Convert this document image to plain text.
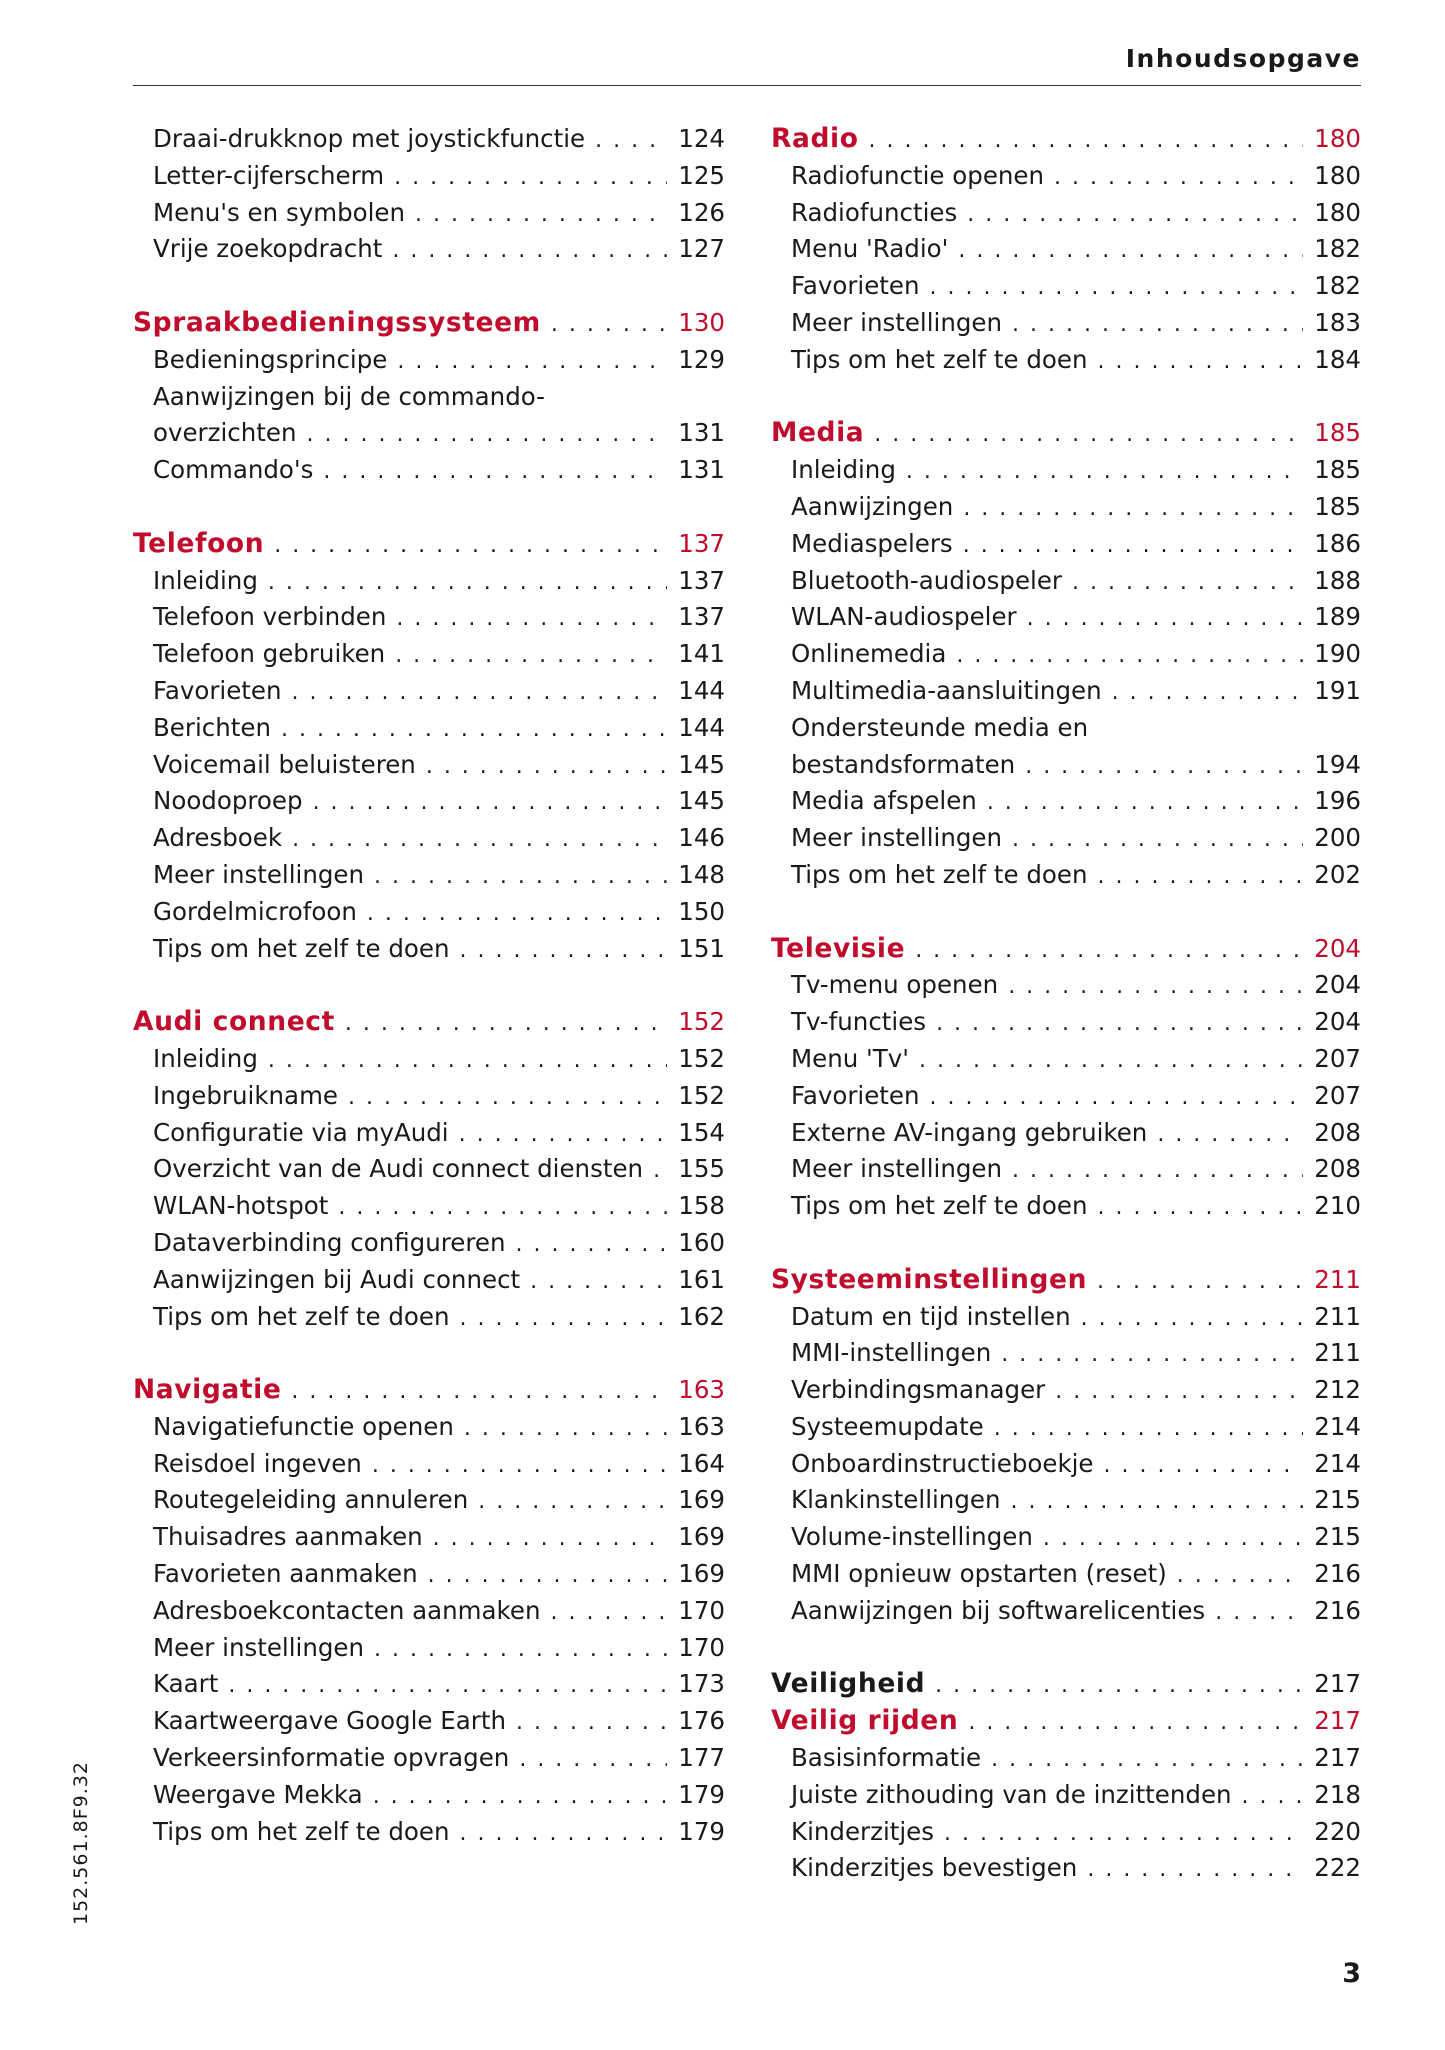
Inhoudsopgave
Draai-drukknop met joystickfunctie . . .	124
Letter-cijferscherm . . .	125
Menu's en symbolen . . .	126
Vrije zoekopdracht . . .	127
Spraakbedieningssysteem . . .	130
Bedieningsprincipe . . .	129
Aanwijzingen bij de commando-
overzichten . . .	131
Commando's . . .	131
Telefoon . . .	137
Inleiding . . .	137
Telefoon verbinden . . .	137
Telefoon gebruiken . . .	141
Favorieten . . .	144
Berichten . . .	144
Voicemail beluisteren . . .	145
Noodoproep . . .	145
Adresboek . . .	146
Meer instellingen . . .	148
Gordelmicrofoon . . .	150
Tips om het zelf te doen . . .	151
Audi connect . . .	152
Inleiding . . .	152
Ingebruikname . . .	152
Configuratie via myAudi . . .	154
Overzicht van de Audi connect diensten . . . 155
WLAN-hotspot . . .	158
Dataverbinding configureren . . .	160
Aanwijzingen bij Audi connect . . .	161
Tips om het zelf te doen . . .	162
Navigatie . . .	163
Navigatiefunctie openen . . .	163
Reisdoel ingeven . . .	164
Routegeleiding annuleren . . .	169
Thuisadres aanmaken . . .	169
Favorieten aanmaken . . .	169
Adresboekcontacten aanmaken . . .	170
Meer instellingen . . .	170
Kaart . . .	173
Kaartweergave Google Earth . . .	176
Verkeersinformatie opvragen . . .	177
Weergave Mekka . . .	179
Tips om het zelf te doen . . .	179
Radio . . .	180
Radiofunctie openen . . .	180
Radiofuncties . . .	180
Menu 'Radio' . . .	182
Favorieten . . .	182
Meer instellingen . . .	183
Tips om het zelf te doen . . .	184
Media . . .	185
Inleiding . . .	185
Aanwijzingen . . .	185
Mediaspelers . . .	186
Bluetooth-audiospeler . . .	188
WLAN-audiospeler . . .	189
Onlinemedia . . .	190
Multimedia-aansluitingen . . .	191
Ondersteunde media en
bestandsformaten . . .	194
Media afspelen . . .	196
Meer instellingen . . .	200
Tips om het zelf te doen . . .	202
Televisie . . .	204
Tv-menu openen . . .	204
Tv-functies . . .	204
Menu 'Tv' . . .	207
Favorieten . . .	207
Externe AV-ingang gebruiken . . .	208
Meer instellingen . . .	208
Tips om het zelf te doen . . .	210
Systeeminstellingen . . .	211
Datum en tijd instellen . . .	211
MMI-instellingen . . .	211
Verbindingsmanager . . .	212
Systeemupdate . . .	214
Onboardinstructieboekje . . .	214
Klankinstellingen . . .	215
Volume-instellingen . . .	215
MMI opnieuw opstarten (reset) . . .	216
Aanwijzingen bij softwarelicenties . . .	216
Veiligheid . . .	217
Veilig rijden . . .	217
Basisinformatie . . .	217
Juiste zithouding van de inzittenden . . .	218
Kinderzitjes . . .	220
Kinderzitjes bevestigen . . .	222
152.561.8F9.32
3
